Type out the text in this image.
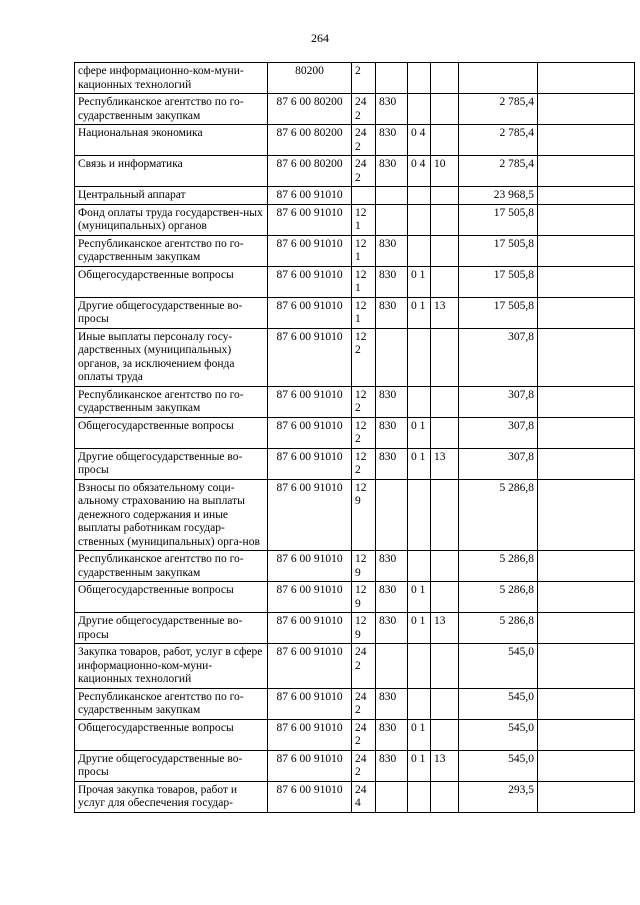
264
сфере информационно-ком-муни-кационных технологий	80200	2					
Республиканское агентство по го-сударственным закупкам	87 6 00 80200	24 2	830			2 785,4	
Национальная экономика	87 6 00 80200	24 2	830	0 4		2 785,4	
Связь и информатика	87 6 00 80200	24 2	830	0 4	10	2 785,4	
Центральный аппарат	87 6 00 91010					23 968,5	
Фонд оплаты труда государствен-ных (муниципальных) органов	87 6 00 91010	12 1				17 505,8	
Республиканское агентство по го-сударственным закупкам	87 6 00 91010	12 1	830			17 505,8	
Общегосударственные вопросы	87 6 00 91010	12 1	830	0 1		17 505,8	
Другие общегосударственные во-просы	87 6 00 91010	12 1	830	0 1	13	17 505,8	
Иные выплаты персоналу госу-дарственных (муниципальных) органов, за исключением фонда оплаты труда	87 6 00 91010	12 2				307,8	
Республиканское агентство по го-сударственным закупкам	87 6 00 91010	12 2	830			307,8	
Общегосударственные вопросы	87 6 00 91010	12 2	830	0 1		307,8	
Другие общегосударственные во-просы	87 6 00 91010	12 2	830	0 1	13	307,8	
Взносы по обязательному соци-альному страхованию на выплаты денежного содержания и иные выплаты работникам государ-ственных (муниципальных) орга-нов	87 6 00 91010	12 9				5 286,8	
Республиканское агентство по го-сударственным закупкам	87 6 00 91010	12 9	830			5 286,8	
Общегосударственные вопросы	87 6 00 91010	12 9	830	0 1		5 286,8	
Другие общегосударственные во-просы	87 6 00 91010	12 9	830	0 1	13	5 286,8	
Закупка товаров, работ, услуг в сфере информационно-ком-муни-кационных технологий	87 6 00 91010	24 2				545,0	
Республиканское агентство по го-сударственным закупкам	87 6 00 91010	24 2	830			545,0	
Общегосударственные вопросы	87 6 00 91010	24 2	830	0 1		545,0	
Другие общегосударственные во-просы	87 6 00 91010	24 2	830	0 1	13	545,0	
Прочая закупка товаров, работ и услуг для обеспечения государ-	87 6 00 91010	24 4				293,5	
